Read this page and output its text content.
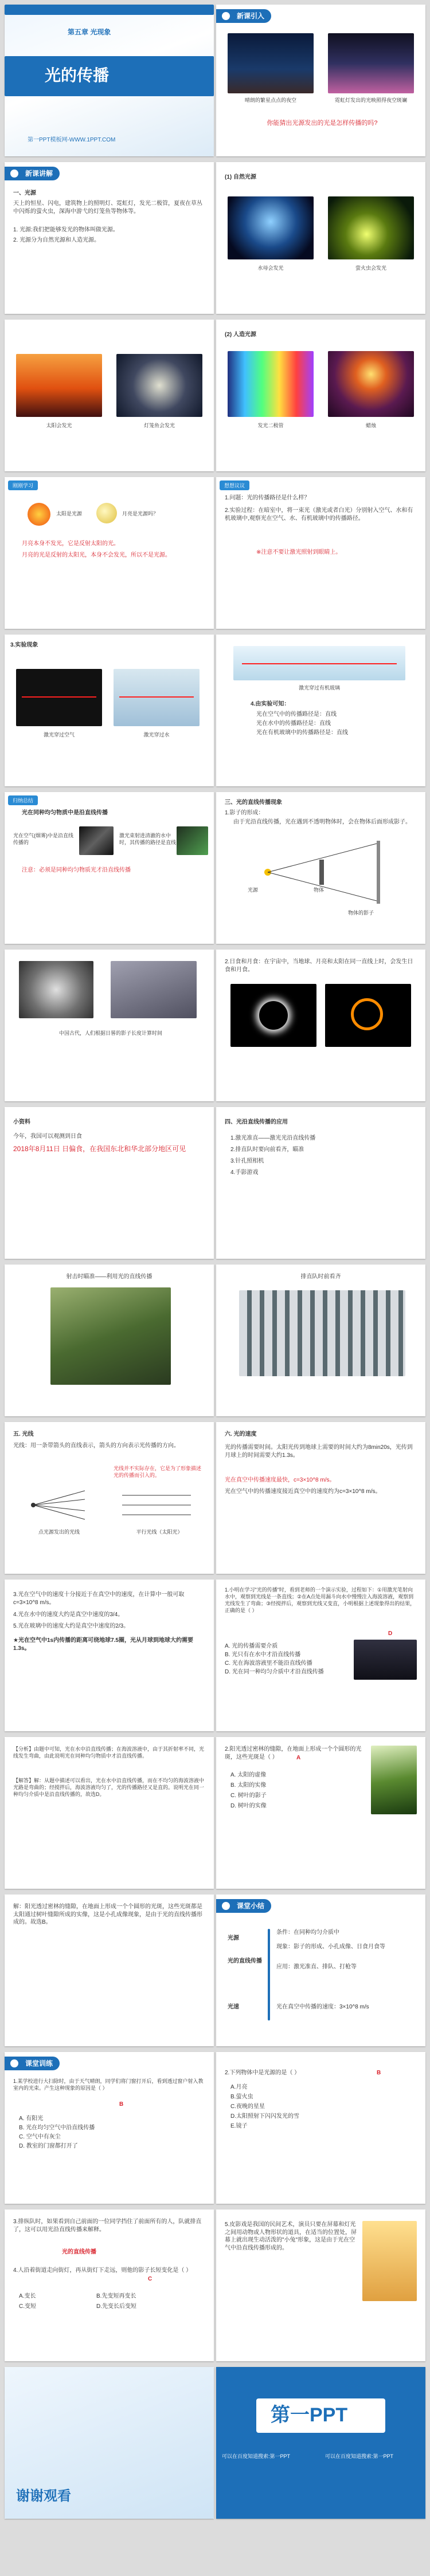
第五章 光现象
光的传播
第一PPT模板网-WWW.1PPT.COM
新课引入
晴朗的繁星点点的夜空	霓虹灯发出的光映照得夜空斑斓
你能猜出光源发出的光是怎样传播的吗?
新课讲解
一、光源
天上的恒星、闪电，建筑物上的照明灯、霓虹灯，发光二极管，夏夜在草丛中闪烁的萤火虫，深海中游弋的灯笼鱼等物体等。
1. 光源:我们把能够发光的物体叫做光源。
2. 光源分为自然光源和人造光源。
(1) 自然光源
水母会发光	萤火虫会发光
太阳会发光	灯笼鱼会发光
(2) 人造光源
发光二极管	蜡烛
刚刚学习
太阳是光源	月亮是光源吗？
月亮本身不发光，它是反射太阳的光。
月亮的光是反射的太阳光，本身不会发光，所以不是光源。
想想议议
1.问题：光的传播路径是什么样？
2.实验过程：在暗室中，将一束光（激光或者白光）分别射入空气、水和有机玻璃中,观察光在空气、水、有机玻璃中的传播路径。
※注意不要让激光照射到眼睛上。
3.实验现象
激光穿过空气	激光穿过水
激光穿过有机玻璃
4.由实验可知：
光在空气中的传播路径是：直线
光在水中的传播路径是：直线
光在有机玻璃中的传播路径是：直线
归纳总结
光在同种均匀物质中是沿直线传播
光在空气(烟雾)中是沿直线传播的
激光束射进清澈的水中时，其传播的路径是直线
注意：必须是同种均匀物质光才沿直线传播
三、光的直线传播现象
1.影子的形成：
由于光沿直线传播，光在遇到不透明物体时，会在物体后面形成影子。
光源	物体
物体的影子
中国古代，人们根据日晷的影子长度计算时间
2.日食和月食：在宇宙中，当地球、月亮和太阳在同一直线上时，会发生日食和月食。
小资料
今年，我国可以观测到日食
2018年8月11日 日偏食，在我国东北和华北部分地区可见
四、光沿直线传播的应用
1.激光准直——激光光沿直线传播
2.排直队时要向前看齐，瞄准
3.针孔照相机
4.手影游戏
射击时瞄准——利用光的直线传播	排直队时前看齐
五. 光线
光线：用一条带箭头的直线表示，箭头的方向表示光传播的方向。
光线并不实际存在，它是为了形象描述光的传播而引入的。
点光源发出的光线	平行光线（太阳光）
六. 光的速度
光的传播需要时间。太阳光传到地球上需要的时间大约为8min20s，光传到月球上的时间需要大约1.3s。
光在真空中传播速度最快，c=3×10^8 m/s。
光在空气中的传播速度接近真空中的速度约为c=3×10^8 m/s。
3.光在空气中的速度十分接近于在真空中的速度，在计算中一般可取 c=3×10^8 m/s。
4.光在水中的速度大约是真空中速度的3/4。
5.光在玻璃中的速度大约是真空中速度的2/3。
★光在空气中1s内传播的距离可绕地球7.5圈，光从月球到地球大约需要1.3s。
1.小明在学习"光的传播"时，看到老师的一个演示实验，过程如下：①用激光笔射向水中，观察到光线是一条直线；②在A点处用漏斗向水中慢慢注入海波溶液，观察到光线发生了弯曲；③经搅拌后，观察到光线又变直，小明根据上述现象得出的结果，正确的是（ ）
D
A. 光的传播需要介质
B. 光只有在水中才沿直线传播
C. 光在海波溶液里不能沿直线传播
D. 光在同一种均匀介质中才沿直线传播
【分析】由题中可知，光在水中沿直线传播；在海波溶液中，由于其折射率不同，光线发生弯曲，由此说明光在同种均匀物质中才沿直线传播。
【解答】解：从题中描述可以看出，光在水中沿直线传播，而在不均匀的海波溶液中光路是弯曲的；经搅拌后，海波溶液均匀了，光的传播路径又是直的。说明光在同一种均匀介质中是沿直线传播的，故选D。
2.阳光透过密林的缝隙，在地面上形成一个个圆形的光斑，这些光斑是（ ）	A
A. 太阳的虚像
B. 太阳的实像
C. 树叶的影子
D. 树叶的实像
解：阳光透过密林的缝隙，在地面上形成一个个圆形的光斑，这些光斑都是太阳通过树叶缝隙所成的实像，这是小孔成像现象，是由于光的直线传播形成的。故选B。
课堂小结
光源
光的直线传播
光速
条件：在同种均匀介质中
现象：影子的形成、小孔成像、日食月食等
应用：激光准直、排队、打枪等
光在真空中传播的速度：3×10^8 m/s
课堂训练
1.某学校进行大扫除时，由于天气晴朗，同学们将门窗打开后，看到透过窗户射入教室内的光束。产生这种现象的原因是（ ）
B
A. 有阳光
B. 光在均匀空气中沿直线传播
C. 空气中有灰尘
D. 教室的门窗都打开了
2.下列物体中是光源的是（ ）	B
A.月亮
B.萤火虫
C.夜晚的星星
D.太阳照射下闪闪发光的雪
E.镜子
3.排纵队时，如果看到自己前面的一位同学挡住了前面所有的人，队就排直了，这可以用光沿直线传播来解释。
光的直线传播
4.人沿着街道走向街灯，再从街灯下走远，则他的影子长短变化是（ ）
C
A.变长	B.先变短再变长
C.变短	D.先变长后变短
5.皮影戏是我国的民间艺术，演员只要在屏幕和灯光之间用动物或人物形状的道具，在适当的位置处，屏幕上就出现生动活泼的"小兔"形象，这是由于光在空气中沿直线传播形成的。
谢谢观看
第一PPT
可以在百度知道搜索:第一PPT	可以在百度知道搜索:第一PPT
